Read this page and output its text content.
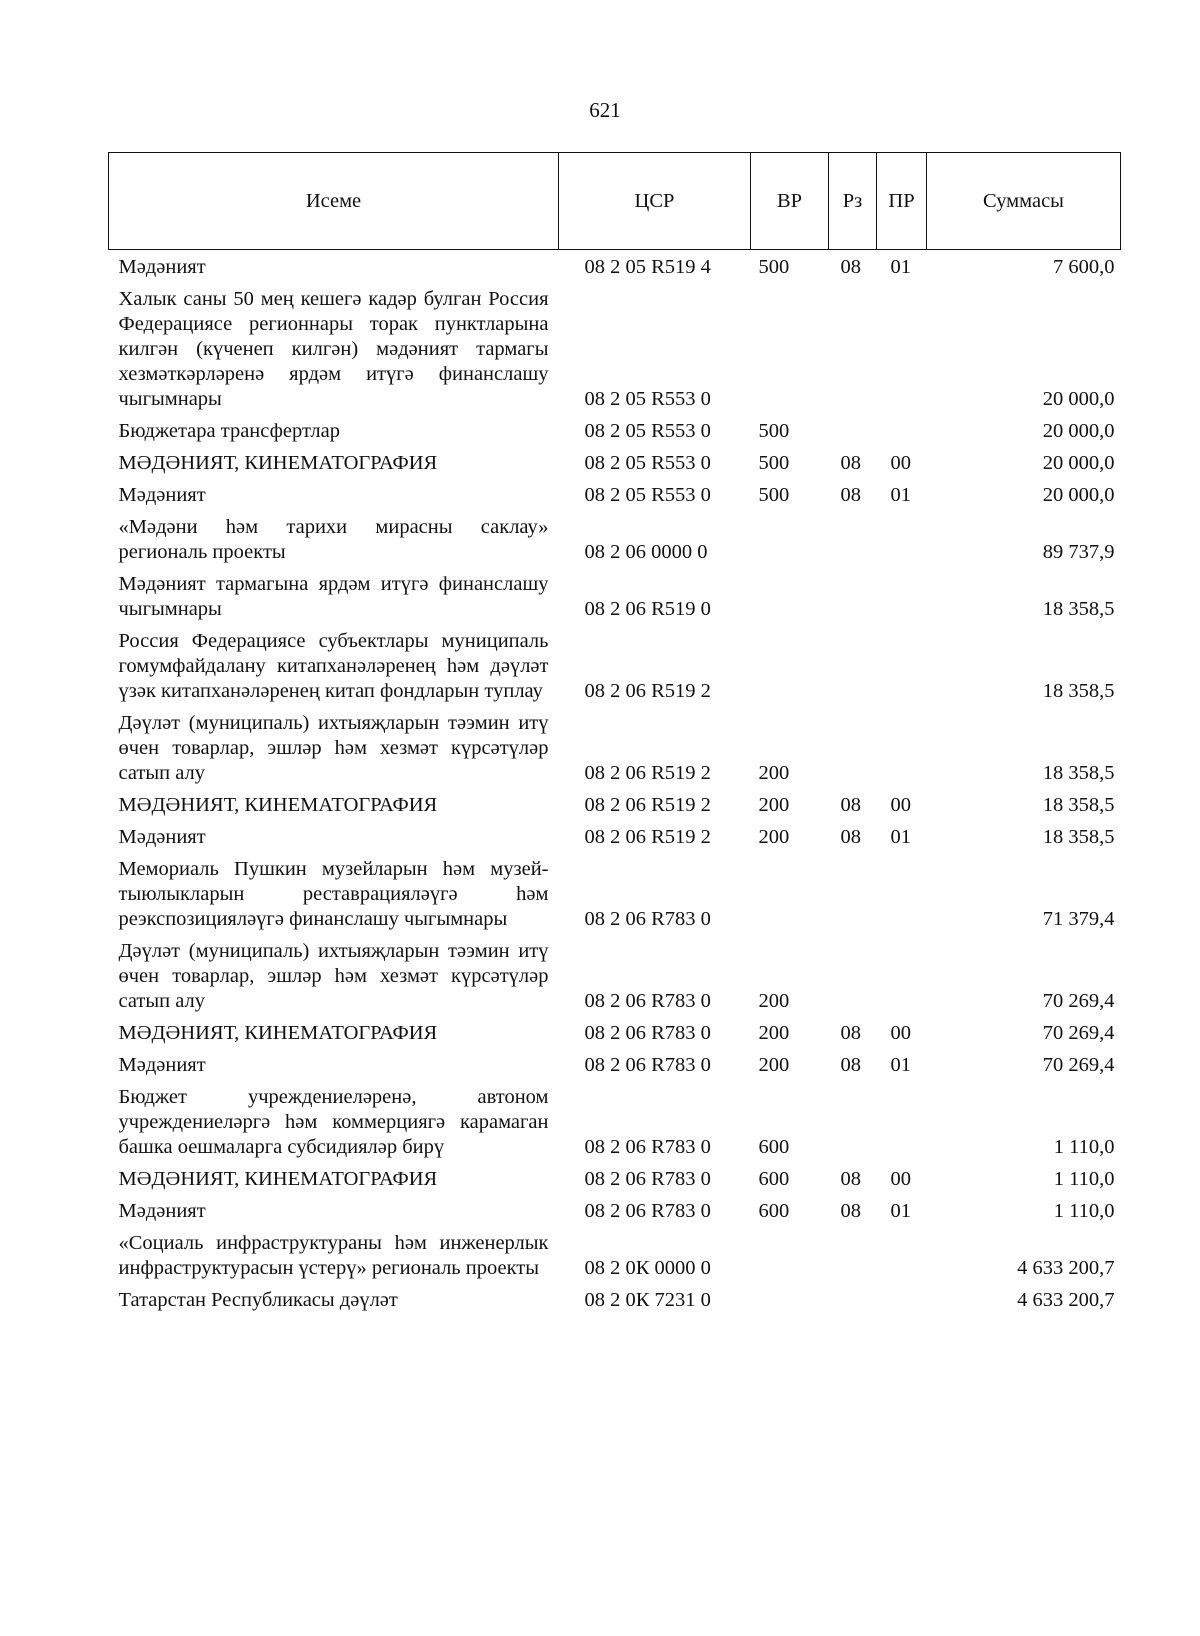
621
Исеме	ЦСР	ВР	Рз	ПР	Суммасы
Мәдәният	08 2 05 R519 4	500	08	01	7 600,0
Халык саны 50 мең кешегә кадәр булган Россия Федерациясе регионнары торак пунктларына килгән (күченеп килгән) мәдәният тармагы хезмәткәрләренә ярдәм итүгә финанслашу чыгымнары	08 2 05 R553 0				20 000,0
Бюджетара трансфертлар	08 2 05 R553 0	500			20 000,0
МӘДӘНИЯТ, КИНЕМАТОГРАФИЯ	08 2 05 R553 0	500	08	00	20 000,0
Мәдәният	08 2 05 R553 0	500	08	01	20 000,0
«Мәдәни һәм тарихи мирасны саклау» региональ проекты	08 2 06 0000 0				89 737,9
Мәдәният тармагына ярдәм итүгә финанслашу чыгымнары	08 2 06 R519 0				18 358,5
Россия Федерациясе субъектлары муниципаль гомумфайдалану китапханәләренең һәм дәүләт үзәк китапханәләренең китап фондларын туплау	08 2 06 R519 2				18 358,5
Дәүләт (муниципаль) ихтыяҗларын тәэмин итү өчен товарлар, эшләр һәм хезмәт күрсәтүләр сатып алу	08 2 06 R519 2	200			18 358,5
МӘДӘНИЯТ, КИНЕМАТОГРАФИЯ	08 2 06 R519 2	200	08	00	18 358,5
Мәдәният	08 2 06 R519 2	200	08	01	18 358,5
Мемориаль Пушкин музейларын һәм музей-тыюлыкларын реставрацияләүгә һәм реэкспозицияләүгә финанслашу чыгымнары	08 2 06 R783 0				71 379,4
Дәүләт (муниципаль) ихтыяҗларын тәэмин итү өчен товарлар, эшләр һәм хезмәт күрсәтүләр сатып алу	08 2 06 R783 0	200			70 269,4
МӘДӘНИЯТ, КИНЕМАТОГРАФИЯ	08 2 06 R783 0	200	08	00	70 269,4
Мәдәният	08 2 06 R783 0	200	08	01	70 269,4
Бюджет учреждениеләренә, автоном учреждениеләргә һәм коммерциягә карамаган башка оешмаларга субсидияләр бирү	08 2 06 R783 0	600			1 110,0
МӘДӘНИЯТ, КИНЕМАТОГРАФИЯ	08 2 06 R783 0	600	08	00	1 110,0
Мәдәният	08 2 06 R783 0	600	08	01	1 110,0
«Социаль инфраструктураны һәм инженерлык инфраструктурасын үстерү» региональ проекты	08 2 0К 0000 0				4 633 200,7
Татарстан Республикасы дәүләт	08 2 0К 7231 0				4 633 200,7
